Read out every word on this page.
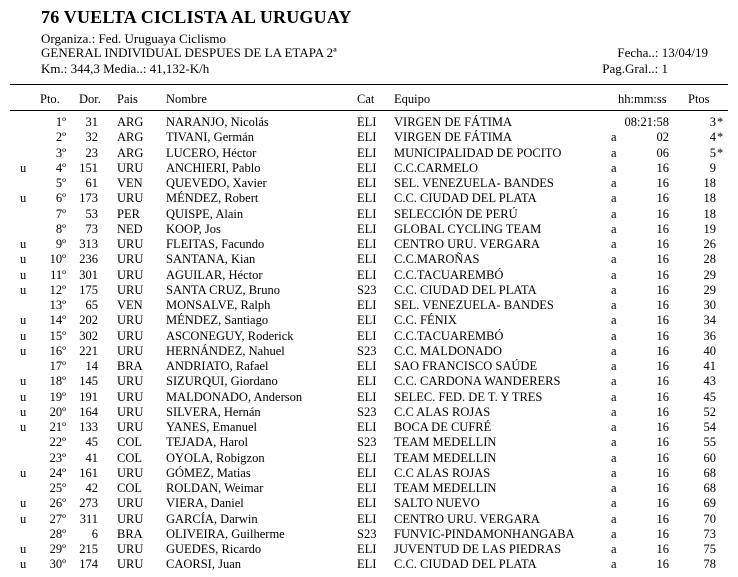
76 VUELTA CICLISTA AL URUGUAY
Organiza.: Fed. Uruguaya Ciclismo
GENERAL INDIVIDUAL DESPUES DE LA ETAPA 2ª
Km.: 344,3 Media..: 41,132-K/h
Fecha..: 13/04/19
Pag.Gral..: 1
Pto. Dor. Pais Nombre	Cat Equipo	hh:mm:ss Ptos
1º	31 ARG NARANJO, Nicolás	ELI VIRGEN DE FÁTIMA	08:21:58	3 *
2º	32 ARG TIVANI, Germán	ELI VIRGEN DE FÁTIMA	a	02	4 *
3º	23 ARG LUCERO, Héctor	ELI MUNICIPALIDAD DE POCITO	a	06	5 *
u	4º	151 URU ANCHIERI, Pablo	ELI C.C.CARMELO	a	16	9
5º	61 VEN QUEVEDO, Xavier	ELI SEL. VENEZUELA- BANDES	a	16	18
u	6º	173 URU MÉNDEZ, Robert	ELI C.C. CIUDAD DEL PLATA	a	16	18
7º	53 PER QUISPE, Alain	ELI SELECCIÓN DE PERÚ	a	16	18
8º	73 NED KOOP, Jos	ELI GLOBAL CYCLING TEAM	a	16	19
u	9º	313 URU FLEITAS, Facundo	ELI CENTRO URU. VERGARA	a	16	26
u 10º	236 URU SANTANA, Kian	ELI C.C.MAROÑAS	a	16	28
u 11º	301 URU AGUILAR, Héctor	ELI C.C.TACUAREMBÓ	a	16	29
u 12º	175 URU SANTA CRUZ, Bruno	S23 C.C. CIUDAD DEL PLATA	a	16	29
13º	65 VEN MONSALVE, Ralph	ELI SEL. VENEZUELA- BANDES	a	16	30
u 14º	202 URU MÉNDEZ, Santiago	ELI C.C. FÉNIX	a	16	34
u 15º	302 URU ASCONEGUY, Roderick	ELI C.C.TACUAREMBÓ	a	16	36
u 16º	221 URU HERNÁNDEZ, Nahuel	S23 C.C. MALDONADO	a	16	40
17º	14 BRA ANDRIATO, Rafael	ELI SAO FRANCISCO SAÚDE	a	16	41
u 18º	145 URU SIZURQUI, Giordano	ELI C.C. CARDONA WANDERERS	a	16	43
u 19º	191 URU MALDONADO, Anderson	ELI SELEC. FED. DE T. Y TRES	a	16	45
u 20º	164 URU SILVERA, Hernán	S23 C.C ALAS ROJAS	a	16	52
u 21º	133 URU YANES, Emanuel	ELI BOCA DE CUFRÉ	a	16	54
22º	45 COL TEJADA, Harol	S23 TEAM MEDELLIN	a	16	55
23º	41 COL OYOLA, Robigzon	ELI TEAM MEDELLIN	a	16	60
u 24º	161 URU GÓMEZ, Matias	ELI C.C ALAS ROJAS	a	16	68
25º	42 COL ROLDAN, Weimar	ELI TEAM MEDELLIN	a	16	68
u 26º	273 URU VIERA, Daniel	ELI SALTO NUEVO	a	16	69
u 27º	311 URU GARCÍA, Darwin	ELI CENTRO URU. VERGARA	a	16	70
28º	6 BRA OLIVEIRA, Guilherme	S23 FUNVIC-PINDAMONHANGABA	a	16	73
u 29º	215 URU GUEDES, Ricardo	ELI JUVENTUD DE LAS PIEDRAS	a	16	75
u 30º	174 URU CAORSI, Juan	ELI C.C. CIUDAD DEL PLATA	a	16	78
